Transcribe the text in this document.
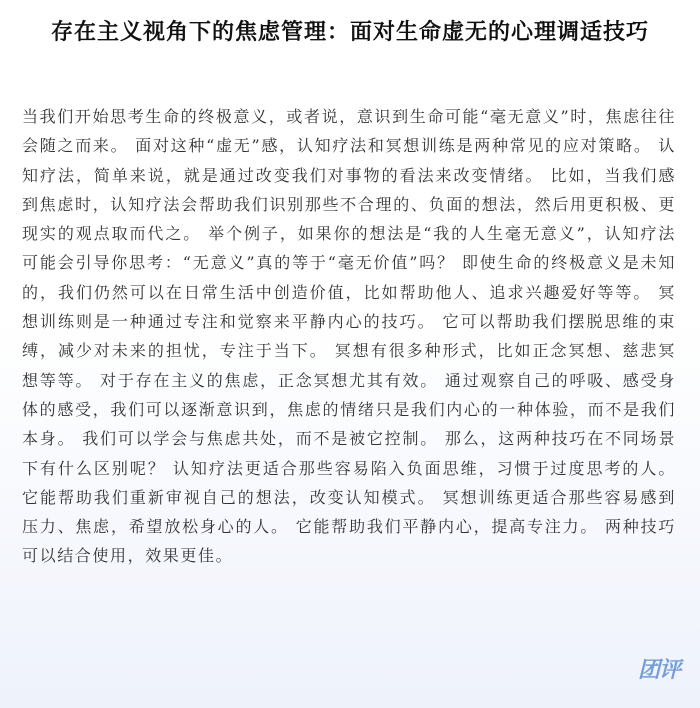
存在主义视角下的焦虑管理：面对生命虚无的心理调适技巧

当我们开始思考生命的终极意义，或者说，意识到生命可能“毫无意义”时，焦虑往往会随之而来。 面对这种“虚无”感，认知疗法和冥想训练是两种常见的应对策略。 认知疗法，简单来说，就是通过改变我们对事物的看法来改变情绪。 比如，当我们感到焦虑时，认知疗法会帮助我们识别那些不合理的、负面的想法，然后用更积极、更现实的观点取而代之。 举个例子，如果你的想法是“我的人生毫无意义”，认知疗法可能会引导你思考：“无意义”真的等于“毫无价值”吗？ 即使生命的终极意义是未知的，我们仍然可以在日常生活中创造价值，比如帮助他人、追求兴趣爱好等等。 冥想训练则是一种通过专注和觉察来平静内心的技巧。 它可以帮助我们摆脱思维的束缚，减少对未来的担忧，专注于当下。 冥想有很多种形式，比如正念冥想、慈悲冥想等等。 对于存在主义的焦虑，正念冥想尤其有效。 通过观察自己的呼吸、感受身体的感受，我们可以逐渐意识到，焦虑的情绪只是我们内心的一种体验，而不是我们本身。 我们可以学会与焦虑共处，而不是被它控制。 那么，这两种技巧在不同场景下有什么区别呢？ 认知疗法更适合那些容易陷入负面思维，习惯于过度思考的人。 它能帮助我们重新审视自己的想法，改变认知模式。 冥想训练更适合那些容易感到压力、焦虑，希望放松身心的人。 它能帮助我们平静内心，提高专注力。 两种技巧可以结合使用，效果更佳。

团评
